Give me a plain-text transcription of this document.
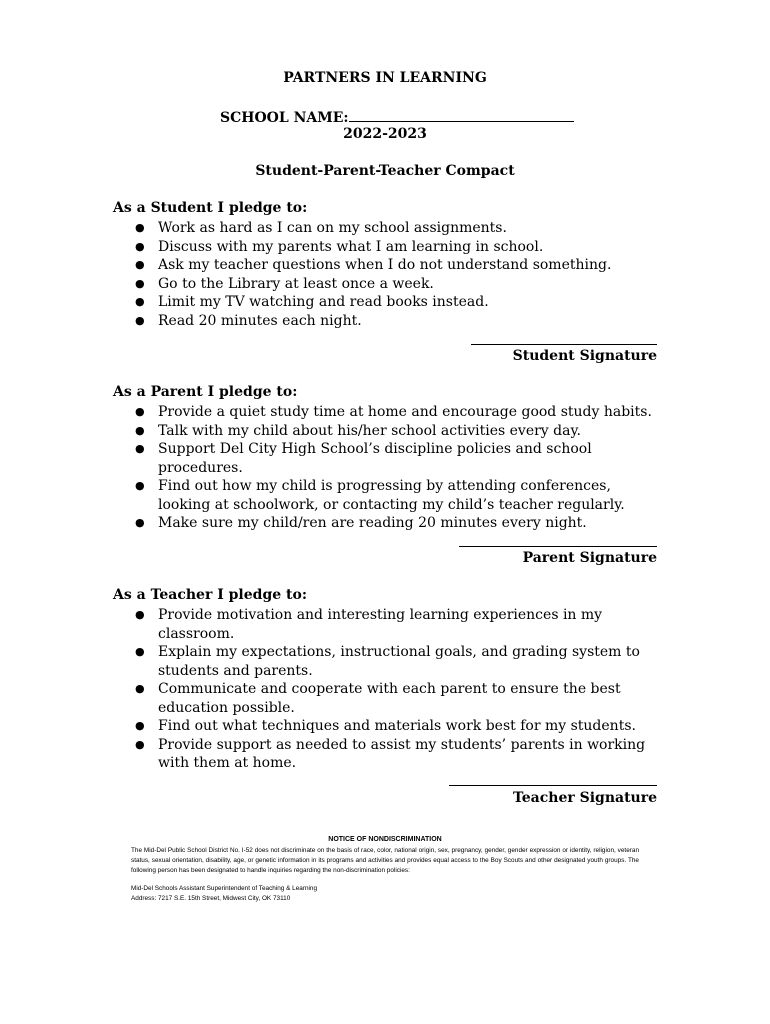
PARTNERS IN LEARNING
SCHOOL NAME:
2022-2023
Student-Parent-Teacher Compact
As a Student I pledge to:
● Work as hard as I can on my school assignments.
● Discuss with my parents what I am learning in school.
● Ask my teacher questions when I do not understand something.
● Go to the Library at least once a week.
● Limit my TV watching and read books instead.
● Read 20 minutes each night.
Student Signature
As a Parent I pledge to:
● Provide a quiet study time at home and encourage good study habits.
● Talk with my child about his/her school activities every day.
● Support Del City High School’s discipline policies and school procedures.
● Find out how my child is progressing by attending conferences, looking at schoolwork, or contacting my child’s teacher regularly.
● Make sure my child/ren are reading 20 minutes every night.
Parent Signature
As a Teacher I pledge to:
● Provide motivation and interesting learning experiences in my classroom.
● Explain my expectations, instructional goals, and grading system to students and parents.
● Communicate and cooperate with each parent to ensure the best education possible.
● Find out what techniques and materials work best for my students.
● Provide support as needed to assist my students’ parents in working with them at home.
Teacher Signature
NOTICE OF NONDISCRIMINATION
The Mid-Del Public School District No. I-52 does not discriminate on the basis of race, color, national origin, sex, pregnancy, gender, gender expression or identity, religion, veteran status, sexual orientation, disability, age, or genetic information in its programs and activities and provides equal access to the Boy Scouts and other designated youth groups. The following person has been designated to handle inquiries regarding the non-discrimination policies:
Mid-Del Schools Assistant Superintendent of Teaching & Learning
Address: 7217 S.E. 15th Street, Midwest City, OK 73110
